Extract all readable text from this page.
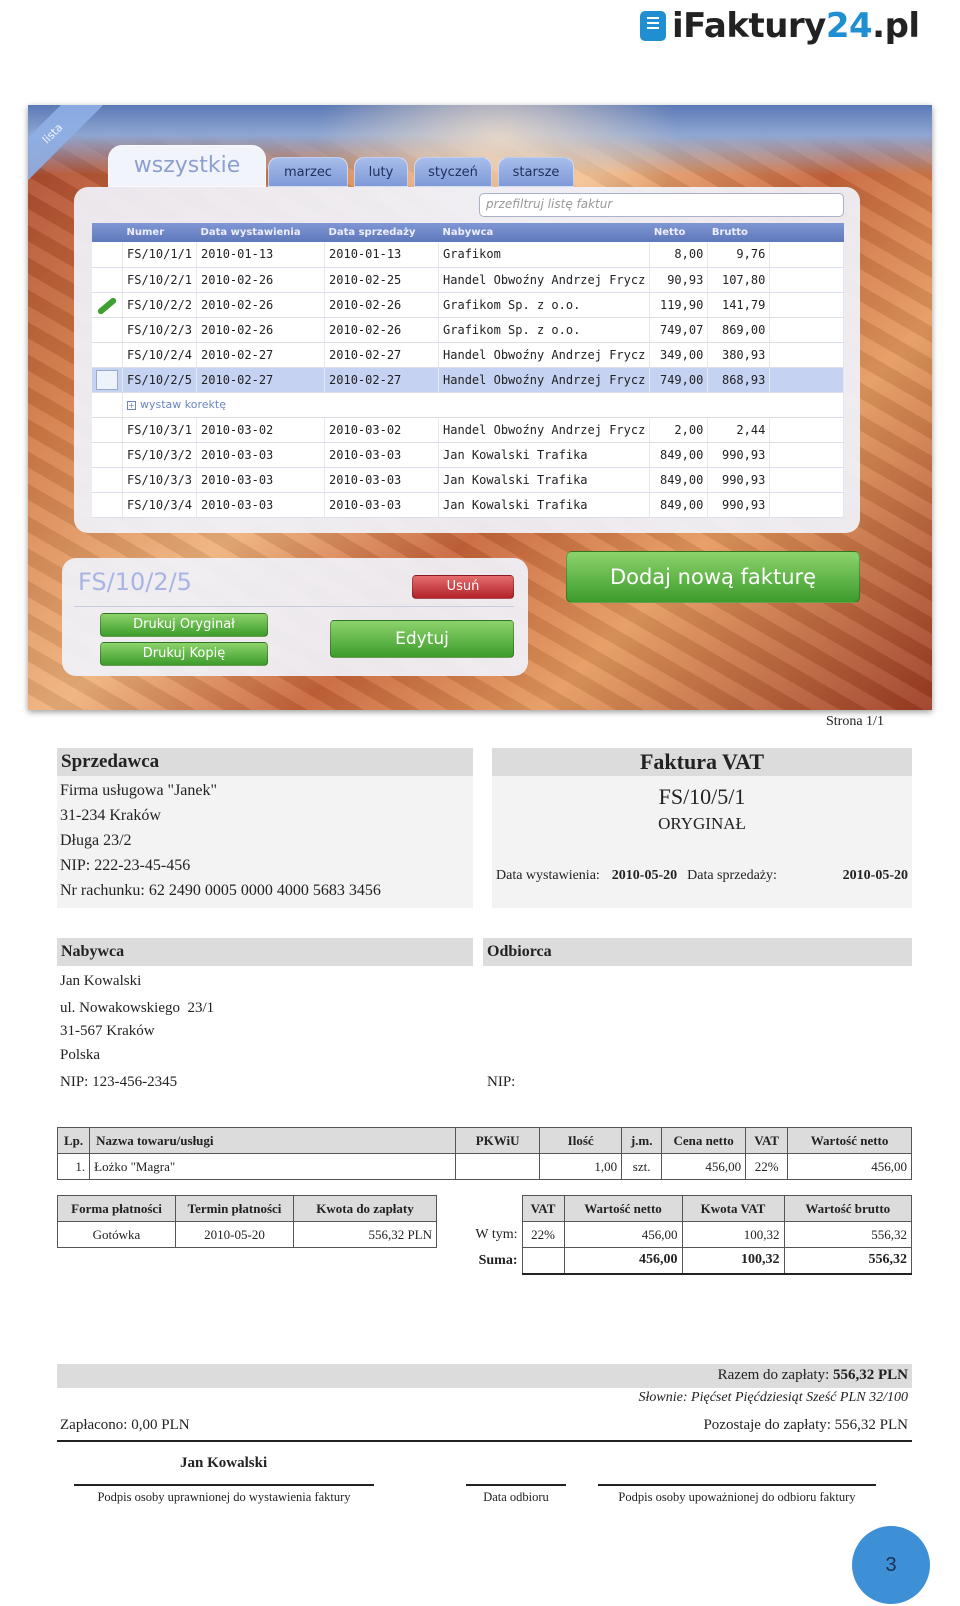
iFaktury24.pl
lista
wszystkie	marzec	luty	styczeń	starsze
przefiltruj listę faktur
	Numer	Data wystawienia	Data sprzedaży	Nabywca	Netto	Brutto	
	FS/10/1/1	2010-01-13	2010-01-13	Grafikom	8,00	9,76	
	FS/10/2/1	2010-02-26	2010-02-25	Handel Obwoźny Andrzej Frycz	90,93	107,80	
	FS/10/2/2	2010-02-26	2010-02-26	Grafikom Sp. z o.o.	119,90	141,79	
	FS/10/2/3	2010-02-26	2010-02-26	Grafikom Sp. z o.o.	749,07	869,00	
	FS/10/2/4	2010-02-27	2010-02-27	Handel Obwoźny Andrzej Frycz	349,00	380,93	
	FS/10/2/5	2010-02-27	2010-02-27	Handel Obwoźny Andrzej Frycz	749,00	868,93	
	+ wystaw korektę						
	FS/10/3/1	2010-03-02	2010-03-02	Handel Obwoźny Andrzej Frycz	2,00	2,44	
	FS/10/3/2	2010-03-03	2010-03-03	Jan Kowalski Trafika	849,00	990,93	
	FS/10/3/3	2010-03-03	2010-03-03	Jan Kowalski Trafika	849,00	990,93	
	FS/10/3/4	2010-03-03	2010-03-03	Jan Kowalski Trafika	849,00	990,93	
FS/10/2/5	Usuń
Drukuj Oryginał
Drukuj Kopię
Edytuj
Dodaj nową fakturę
Strona 1/1
Sprzedawca
Firma usługowa "Janek"
31-234 Kraków
Długa 23/2
NIP: 222-23-45-456
Nr rachunku: 62 2490 0005 0000 4000 5683 3456
Faktura VAT
FS/10/5/1
ORYGINAŁ
Data wystawienia: 2010-05-20 Data sprzedaży:	2010-05-20
Nabywca
Jan Kowalski
ul. Nowakowskiego  23/1
31-567 Kraków
Polska
NIP: 123-456-2345
Odbiorca
NIP:
Lp.	Nazwa towaru/usługi	PKWiU	Ilość	j.m.	Cena netto	VAT	Wartość netto
1.	Łożko "Magra"		1,00	szt.	456,00	22%	456,00
Forma płatności	Termin płatności	Kwota do zapłaty
Gotówka	2010-05-20	556,32 PLN
	VAT	Wartość netto	Kwota VAT	Wartość brutto
W tym:	22%	456,00	100,32	556,32
Suma:		456,00	100,32	556,32
Razem do zapłaty: 556,32 PLN
Słownie: Pięćset Pięćdziesiąt Sześć PLN 32/100
Zapłacono: 0,00 PLN	Pozostaje do zapłaty: 556,32 PLN
Jan Kowalski
Podpis osoby uprawnionej do wystawienia faktury	Data odbioru	Podpis osoby upoważnionej do odbioru faktury
3
